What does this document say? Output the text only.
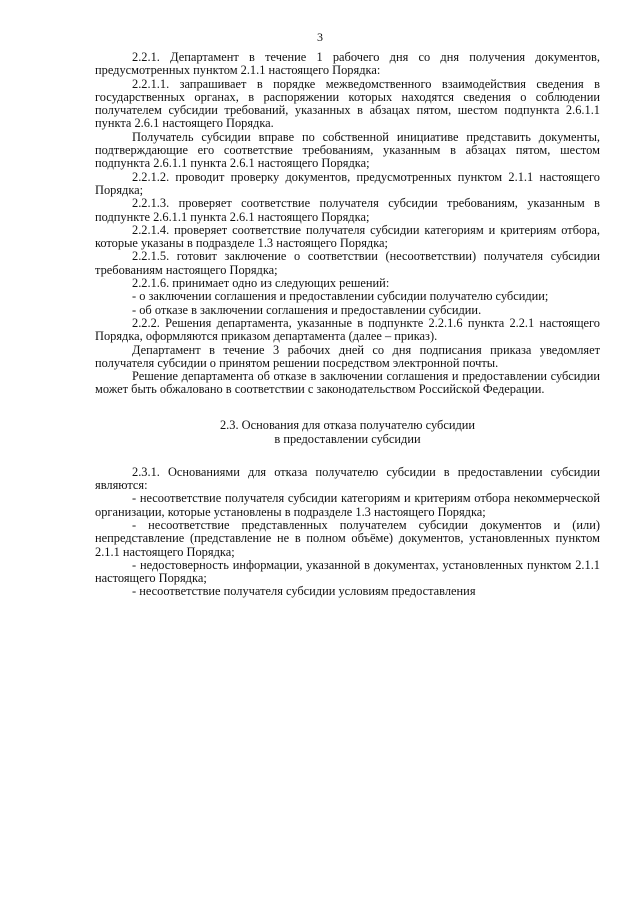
3

2.2.1. Департамент в течение 1 рабочего дня со дня получения документов, предусмотренных пунктом 2.1.1 настоящего Порядка:

2.2.1.1. запрашивает в порядке межведомственного взаимодействия сведения в государственных органах, в распоряжении которых находятся сведения о соблюдении получателем субсидии требований, указанных в абзацах пятом, шестом подпункта 2.6.1.1 пункта 2.6.1 настоящего Порядка.

Получатель субсидии вправе по собственной инициативе представить документы, подтверждающие его соответствие требованиям, указанным в абзацах пятом, шестом подпункта 2.6.1.1 пункта 2.6.1 настоящего Порядка;

2.2.1.2. проводит проверку документов, предусмотренных пунктом 2.1.1 настоящего Порядка;

2.2.1.3. проверяет соответствие получателя субсидии требованиям, указанным в подпункте 2.6.1.1 пункта 2.6.1 настоящего Порядка;

2.2.1.4. проверяет соответствие получателя субсидии категориям и критериям отбора, которые указаны в подразделе 1.3 настоящего Порядка;

2.2.1.5. готовит заключение о соответствии (несоответствии) получателя субсидии требованиям настоящего Порядка;

2.2.1.6. принимает одно из следующих решений:

- о заключении соглашения и предоставлении субсидии получателю субсидии;

- об отказе в заключении соглашения и предоставлении субсидии.

2.2.2. Решения департамента, указанные в подпункте 2.2.1.6 пункта 2.2.1 настоящего Порядка, оформляются приказом департамента (далее – приказ).

Департамент в течение 3 рабочих дней со дня подписания приказа уведомляет получателя субсидии о принятом решении посредством электронной почты.

Решение департамента об отказе в заключении соглашения и предоставлении субсидии может быть обжаловано в соответствии с законодательством Российской Федерации.

2.3. Основания для отказа получателю субсидии
в предоставлении субсидии

2.3.1. Основаниями для отказа получателю субсидии в предоставлении субсидии являются:

- несоответствие получателя субсидии категориям и критериям отбора некоммерческой организации, которые установлены в подразделе 1.3 настоящего Порядка;

- несоответствие представленных получателем субсидии документов и (или) непредставление (представление не в полном объёме) документов, установленных пунктом 2.1.1 настоящего Порядка;

- недостоверность информации, указанной в документах, установленных пунктом 2.1.1 настоящего Порядка;

- несоответствие получателя субсидии условиям предоставления
